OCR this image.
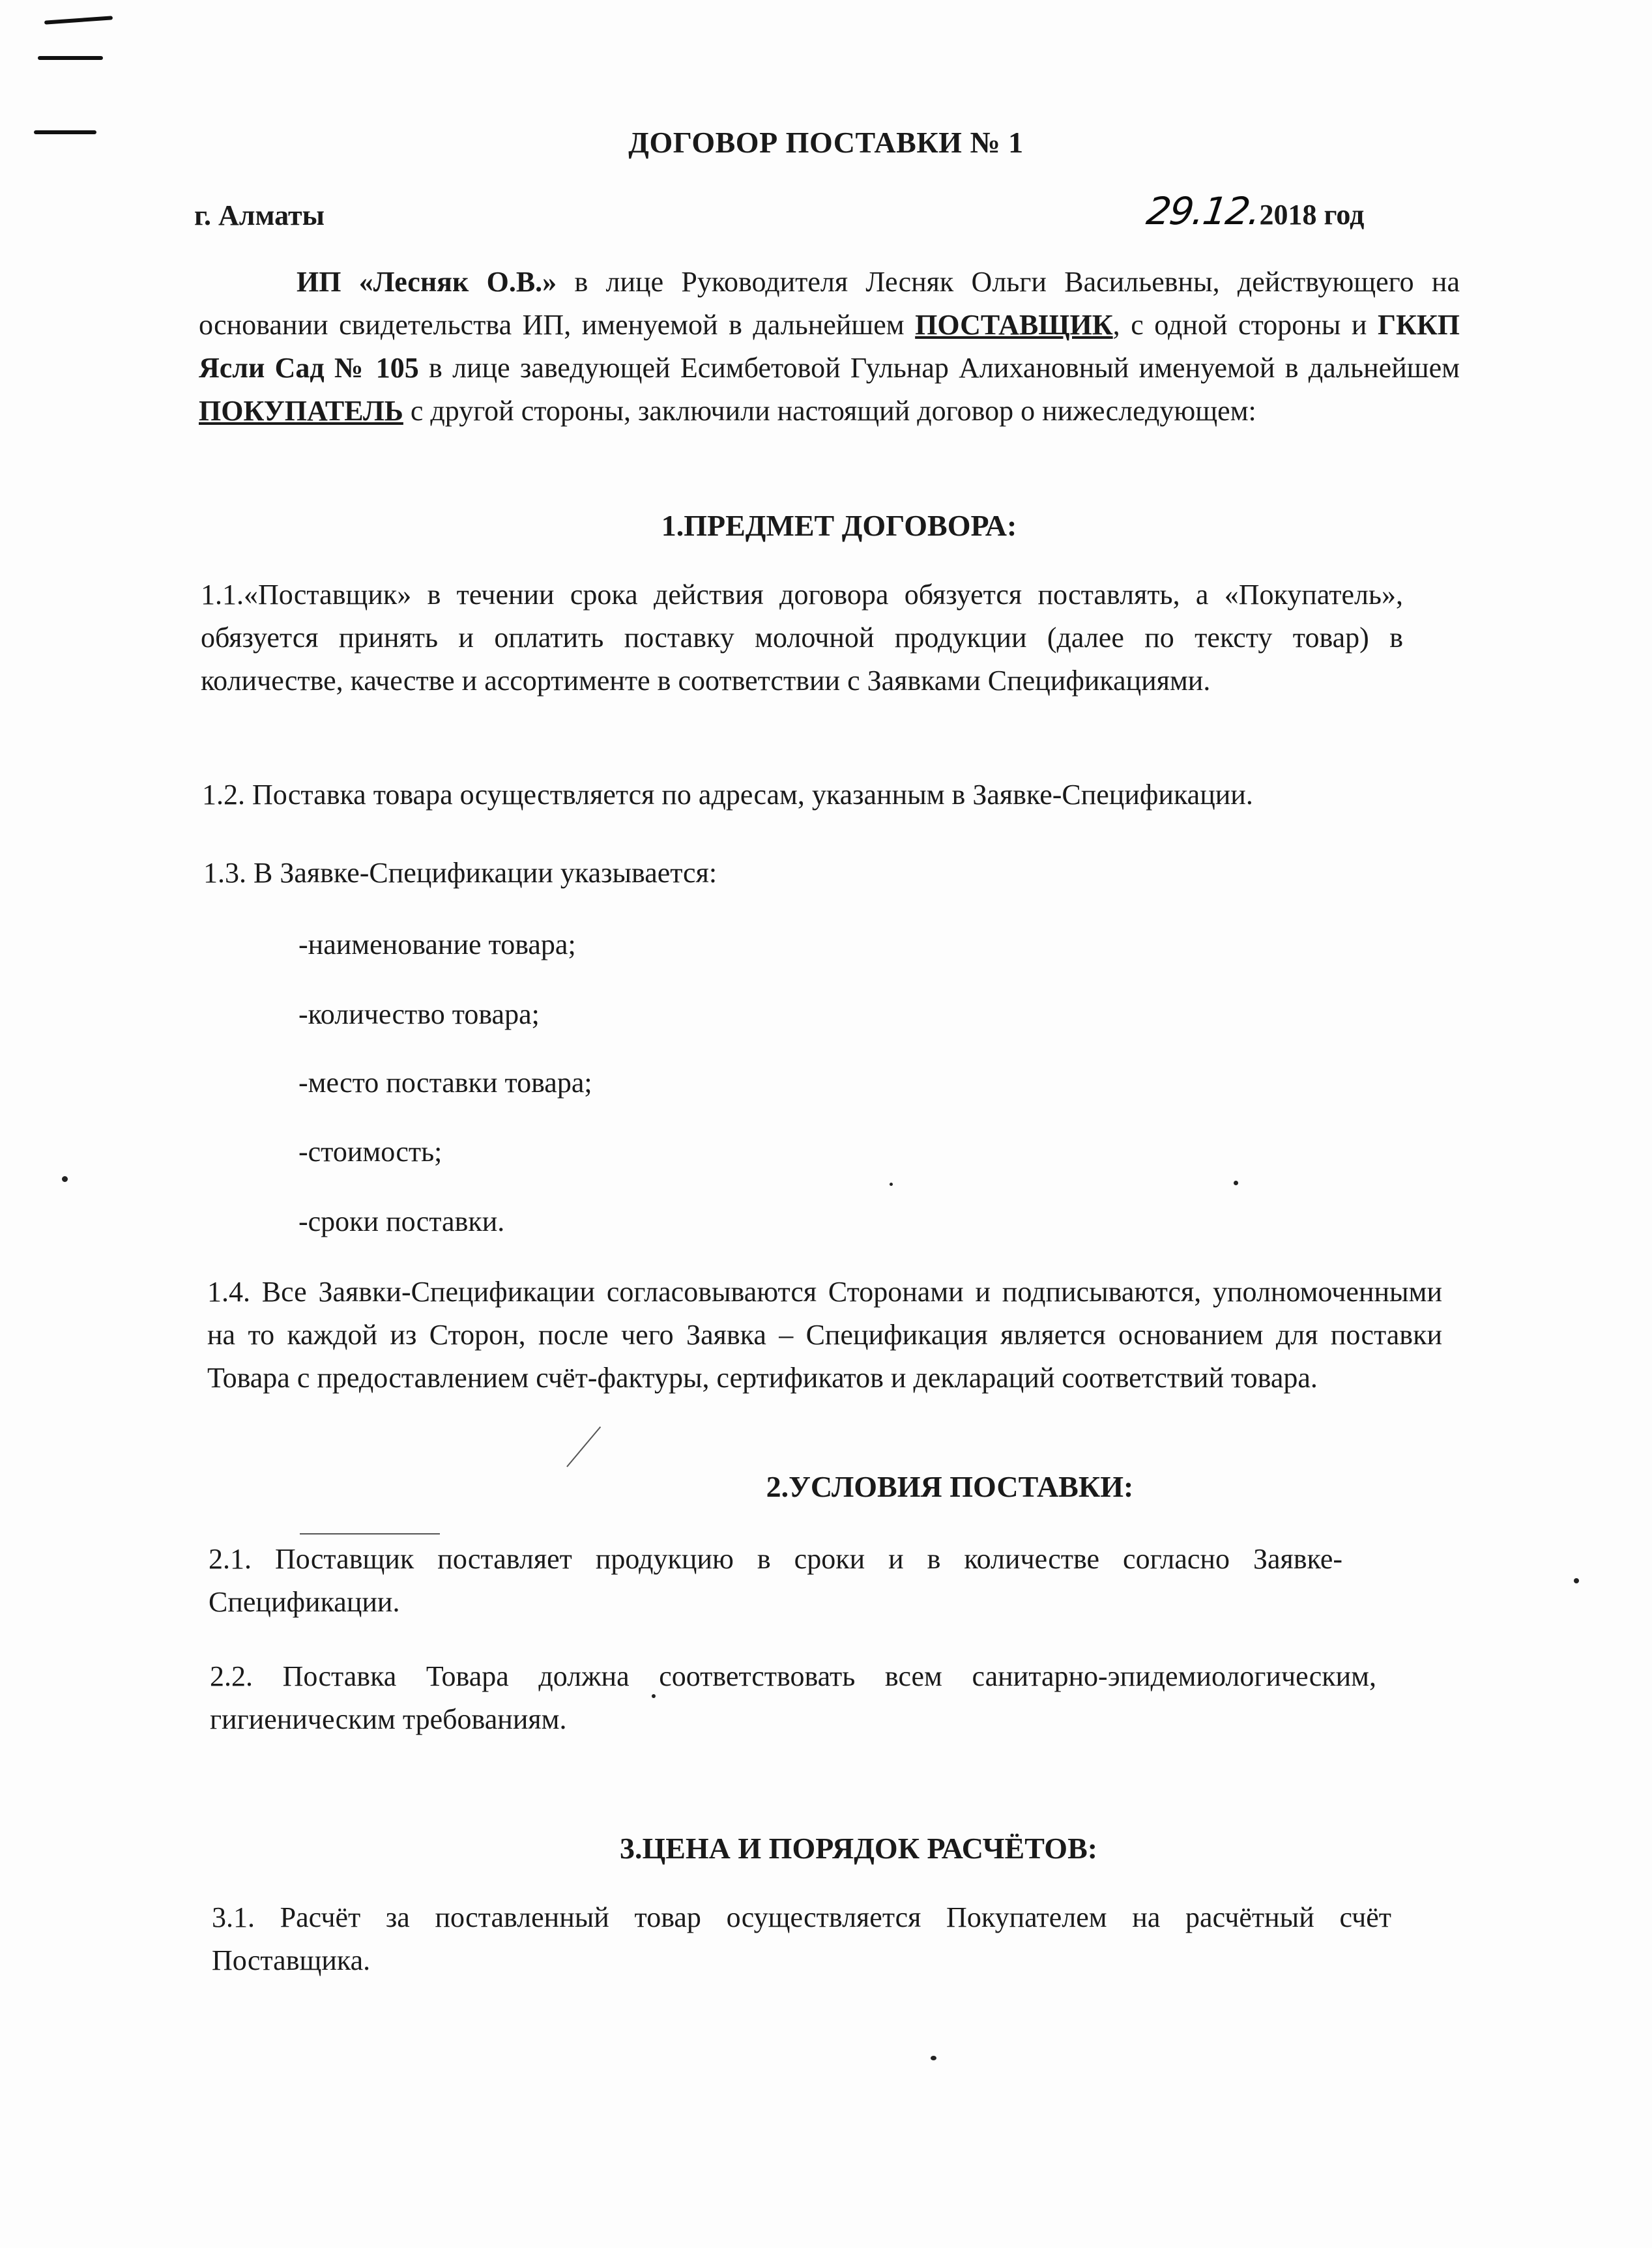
ДОГОВОР ПОСТАВКИ № 1
г. Алматы	29.12.2018 год
ИП «Лесняк О.В.» в лице Руководителя Лесняк Ольги Васильевны, действующего на основании свидетельства ИП, именуемой в дальнейшем ПОСТАВЩИК, с одной стороны и ГККП Ясли Сад № 105 в лице заведующей Есимбетовой Гульнар Алихановный именуемой в дальнейшем ПОКУПАТЕЛЬ с другой стороны, заключили настоящий договор о нижеследующем:
1.ПРЕДМЕТ ДОГОВОРА:
1.1.«Поставщик» в течении срока действия договора обязуется поставлять, а «Покупатель», обязуется принять и оплатить поставку молочной продукции (далее по тексту товар) в количестве, качестве и ассортименте в соответствии с Заявками Спецификациями.
1.2. Поставка товара осуществляется по адресам, указанным в Заявке-Спецификации.
1.3. В Заявке-Спецификации указывается:
-наименование товара;
-количество товара;
-место поставки товара;
-стоимость;
-сроки поставки.
1.4. Все Заявки-Спецификации согласовываются Сторонами и подписываются, уполномоченными на то каждой из Сторон, после чего Заявка – Спецификация является основанием для поставки Товара с предоставлением счёт-фактуры, сертификатов и деклараций соответствий товара.
2.УСЛОВИЯ ПОСТАВКИ:
2.1. Поставщик поставляет продукцию в сроки и в количестве согласно Заявке-Спецификации.
2.2. Поставка Товара должна соответствовать всем санитарно-эпидемиологическим, гигиеническим требованиям.
3.ЦЕНА И ПОРЯДОК РАСЧЁТОВ:
3.1. Расчёт за поставленный товар осуществляется Покупателем на расчётный счёт Поставщика.
